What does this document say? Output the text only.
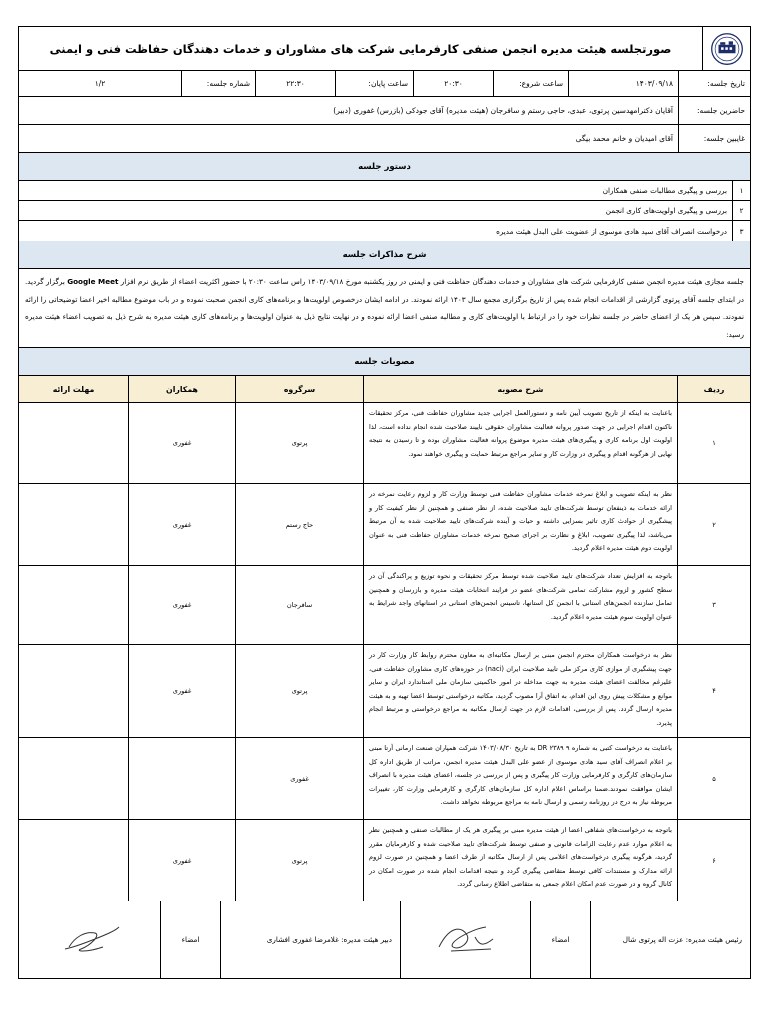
صورتجلسه هیئت مدیره انجمن صنفی کارفرمایی شرکت های مشاوران و خدمات دهندگان حفاظت فنی و ایمنی
تاریخ جلسه:
۱۴۰۳/۰۹/۱۸
ساعت شروع:
۲۰:۳۰
ساعت پایان:
۲۲:۳۰
شماره جلسه:
۱/۲
حاضرین جلسه:
آقایان دکترامهدسین پرتوی، عبدی، حاجی رستم و سافرجان (هیئت مدیره) آقای جودکی (بازرس) غفوری (دبیر)
غایبین جلسه:
آقای امیدیان و خانم محمد بیگی
دستور جلسه
۱
بررسی و پیگیری مطالبات صنفی همکاران
۲
بررسی و پیگیری اولویت‌های کاری انجمن
۳
درخواست انصراف آقای سید هادی موسوی از عضویت علی البدل هیئت مدیره
شرح مذاکرات جلسه
جلسه مجازی هیئت مدیره انجمن صنفی کارفرمایی شرکت های مشاوران و خدمات دهندگان حفاظت فنی و ایمنی در روز یکشنبه مورخ ۱۴۰۳/۰۹/۱۸ راس ساعت ۲۰:۳۰ با حضور اکثریت اعضاء از طریق نرم افزار Google Meet برگزار گردید. در ابتدای جلسه آقای پرتوی گزارشی از اقدامات انجام شده پس از تاریخ برگزاری مجمع سال ۱۴۰۳ ارائه نمودند. در ادامه ایشان درخصوص اولویت‌ها و برنامه‌های کاری انجمن صحبت نموده و در باب موضوع مطالبه اخیر اعضا توضیحاتی را ارائه نمودند. سپس هر یک از اعضای حاضر در جلسه نظرات خود را در ارتباط با اولویت‌های کاری و مطالبه صنفی اعضا ارائه نموده و در نهایت نتایج ذیل به عنوان اولویت‌ها و برنامه‌های کاری هیئت مدیره به شرح ذیل به تصویب اعضاء هیئت مدیره رسید:
مصوبات جلسه
ردیف
شرح مصوبه
سرگروه
همکاران
مهلت ارائه
۱
باعنایت به اینکه از تاریخ تصویب آیین نامه و دستورالعمل اجرایی جدید مشاوران حفاظت فنی، مرکز تحقیقات ناکنون اقدام اجرایی در جهت صدور پروانه فعالیت مشاوران حقوقی ناییند صلاحیت شده انجام نداده است، لذا اولویت اول برنامه کاری و پیگیری‌های هیئت مدیره موضوع پروانه فعالیت مشاوران بوده و تا رسیدن به نتیجه نهایی از هرگونه اقدام و پیگیری در وزارت کار و سایر مراجع مرتبط حمایت و پیگیری خواهند نمود.
پرتوی
غفوری
۲
نظر به اینکه تصویب و ابلاغ نمرخه خدمات مشاوران حفاظت فنی توسط وزارت کار و لزوم رعایت نمرخه در ارائه خدمات به ذینفعان توسط شرکت‌های تایید صلاحیت شده، از نظر صنفی و همچنین از نظر کیفیت کار و پیشگیری از حوادث کاری تاثیر بسزایی داشته و حیات و آینده شرکت‌های تایید صلاحیت شده به آن مرتبط می‌باشد، لذا پیگیری تصویب، ابلاغ و نظارت بر اجرای صحیح نمرخه خدمات مشاوران حفاظت فنی به عنوان اولویت دوم هیئت مدیره اعلام گردید.
حاج رستم
غفوری
۳
باتوجه به افزایش تعداد شرکت‌های تایید صلاحیت شده توسط مرکز تحقیقات و نحوه توزیع و پراکندگی آن در سطح کشور و لزوم مشارکت تمامی شرکت‌های عضو در فرایند انتخابات هیئت مدیره و بازرسان و همچنین تمامل سازنده انجمن‌های استانی با انجمن کل استانها، تاسیس انجمن‌های استانی در استانهای واجد شرایط به عنوان اولویت سوم هیئت مدیره اعلام گردید.
سافرجان
غفوری
۴
نظر به درخواست همکاران محترم انجمن مبنی بر ارسال مکاتبه‌ای به معاون محترم روابط کار وزارت کار در جهت پیشگیری از موازی کاری مرکز ملی تایید صلاحیت ایران (naci) در حوزه‌های کاری مشاوران حفاظت فنی، علیرغم مخالفت اعضای هیئت مدیره به جهت مداخله در امور حاکمیتی سازمان ملی استاندارد ایران و سایر موانع و مشکلات پیش روی این اقدام، به اتفاق آرا مصوب گردید، مکاتبه درخواستی توسط اعضا تهیه و به هیئت مدیره ارسال گردد. پس از بررسی، اقدامات لازم در جهت ارسال مکاتبه به مراجع درخواستی و مرتبط انجام پذیرد.
پرتوی
غفوری
۵
باعنایت به درخواست کتبی به شماره ۹ ۲۳۸۹ DR به تاریخ ۱۴۰۳/۰۸/۳۰ شرکت همپاران صنعت ارمانی آرتا مبنی بر اعلام انصراف آقای سید هادی موسوی از عضو علی البدل هیئت مدیره انجمن، مراتب از طریق اداره کل سازمان‌های کارگری و کارفرمایی وزارت کار پیگیری و پس از بررسی در جلسه، اعضای هیئت مدیره با انصراف ایشان موافقت نمودند.ضمنا براساس اعلام اداره کل سازمان‌های کارگری و کارفرمایی وزارت کار، تغییرات مربوطه نیاز به درج در روزنامه رسمی و ارسال نامه به مراجع مربوطه نخواهد داشت.
غفوری
۶
باتوجه به درخواست‌های شفاهی اعضا از هیئت مدیره مبنی بر پیگیری هر یک از مطالبات صنفی و همچنین نظر به اعلام موارد عدم رعایت الزامات قانونی و صنفی توسط شرکت‌های تایید صلاحیت شده و کارفرمایان مقرر گردید، هرگونه پیگیری درخواست‌های اعلامی پس از ارسال مکاتبه از طرف اعضا و همچنین در صورت لزوم ارائه مدارک و مستندات کافی توسط متقاضی پیگیری گردد و نتیجه اقدامات انجام شده در صورت امکان در کانال گروه و در صورت عدم امکان اعلام جمعی به متقاضی اطلاع رسانی گردد.
پرتوی
غفوری
رئیس هیئت مدیره: عزت اله پرتوی شال
امضاء
دبیر هیئت مدیره: غلامرضا غفوری افشاری
امضاء
